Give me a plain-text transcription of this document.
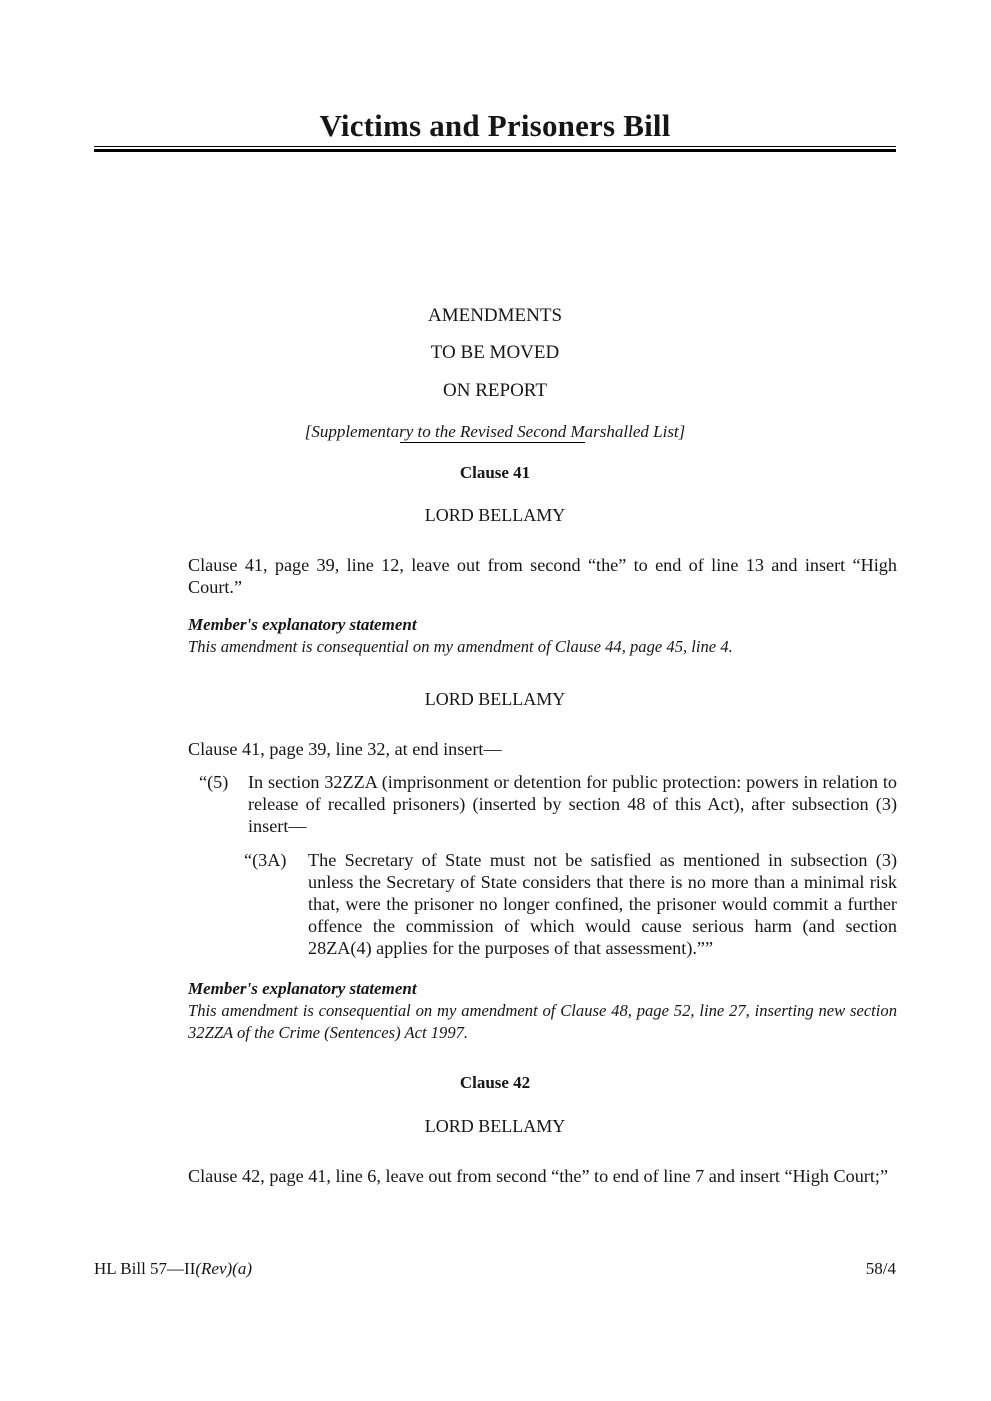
Victims and Prisoners Bill
AMENDMENTS
TO BE MOVED
ON REPORT
[Supplementary to the Revised Second Marshalled List]
Clause 41
LORD BELLAMY
Clause 41, page 39, line 12, leave out from second “the” to end of line 13 and insert “High Court.”
Member's explanatory statement
This amendment is consequential on my amendment of Clause 44, page 45, line 4.
LORD BELLAMY
Clause 41, page 39, line 32, at end insert—
“(5) In section 32ZZA (imprisonment or detention for public protection: powers in relation to release of recalled prisoners) (inserted by section 48 of this Act), after subsection (3) insert—
“(3A) The Secretary of State must not be satisfied as mentioned in subsection (3) unless the Secretary of State considers that there is no more than a minimal risk that, were the prisoner no longer confined, the prisoner would commit a further offence the commission of which would cause serious harm (and section 28ZA(4) applies for the purposes of that assessment).””
Member's explanatory statement
This amendment is consequential on my amendment of Clause 48, page 52, line 27, inserting new section 32ZZA of the Crime (Sentences) Act 1997.
Clause 42
LORD BELLAMY
Clause 42, page 41, line 6, leave out from second “the” to end of line 7 and insert “High Court;”
HL Bill 57—II(Rev)(a)	58/4
